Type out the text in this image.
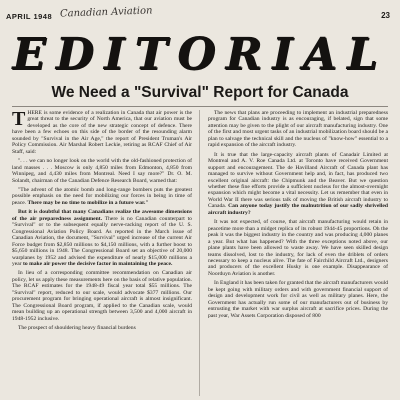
APRIL 1948 Canadian Aviation	23
EDITORIAL
We Need a "Survival" Report for Canada

THERE is some evidence of a realization in Canada that air power is the great threat to the security of North America, that our aviation must be developed as the core of the new strategic concept of defence. There have been a few echoes on this side of the border of the resounding alarm sounded by "Survival in the Air Age," the report of President Truman's Air Policy Commission. Air Marshal Robert Leckie, retiring as RCAF Chief of Air Staff, said:

". . . we can no longer look on the world with the old-fashioned protection of land masses . . . Moscow is only 4,850 miles from Edmonton, 4,850 from Winnipeg, and 4,430 miles from Montreal. Need I say more?" Dr. O. M. Solandt, chairman of the Canadian Defence Research Board, warned that:

"The advent of the atomic bomb and long-range bombers puts the greatest possible emphasis on the need for mobilizing our forces in being in time of peace. There may be no time to mobilize in a future war."

But it is doubtful that many Canadians realize the awesome dimensions of the air preparedness assignment. There is no Canadian counterpart to "Survival" or to the subsequent equally nerve-racking report of the U. S. Congressional Aviation Policy Board. As reported in the March issue of Canadian Aviation, the document, "Survival" urged increase of the current Air Force budget from $2,850 millions to $4,150 millions, with a further boost to $5,650 millions in 1948. The Congressional Board set an objective of 20,000 warplanes by 1952 and advised the expenditure of nearly $15,000 millions a year to make air power the decisive factor in maintaining the peace.

In lieu of a corresponding committee recommendation on Canadian air policy, let us apply these measurements here on the basis of relative population. The RCAF estimates for the 1948-49 fiscal year total $55 millions. The "Survival" report, reduced to our scale, would advocate $377 millions. Our procurement program for bringing operational aircraft is almost insignificant. The Congressional Board program, if applied to the Canadian scale, would mean building up an operational strength between 3,500 and 4,000 aircraft in 1948-1952 inclusive.

The prospect of shouldering heavy financial burdens

The news that plans are proceeding to implement an industrial preparedness program for Canadian industry is as encouraging, if belated, sign that some attention may be given to the plight of our aircraft manufacturing industry. One of the first and most urgent tasks of an industrial mobilization board should be a plan to salvage the technical skill and the nucleus of "know-how" essential to a rapid expansion of the aircraft industry.

It is true that the large-capacity aircraft plants of Canadair Limited at Montreal and A. V. Roe Canada Ltd. at Toronto have received Government support and encouragement. The de Havilland Aircraft of Canada plant has managed to survive without Government help and, in fact, has produced two excellent original aircraft: the Chipmunk and the Beaver. But we question whether these fine efforts provide a sufficient nucleus for the almost-overnight expansion which might become a vital necessity. Let us remember that even in World War II there was serious talk of moving the British aircraft industry to Canada. Can anyone today justify the malnutrition of our sadly shrivelled aircraft industry?

It was not expected, of course, that aircraft manufacturing would retain in peacetime more than a midget replica of its robust 1944-45 proportions. Oh the peak it was the biggest industry in the country and was producing 4,000 planes a year. But what has happened? With the three exceptions noted above, our plane plants have been allowed to waste away. We have seen skilled design teams dissolved, lost to the industry, for lack of even the driblets of orders necessary to keep a nucleus alive. The fate of Fairchild Aircraft Ltd., designers and producers of the excellent Husky is one example. Disappearance of Noorduyn Aviation is another.

In England it has been taken for granted that the aircraft manufacturers would be kept going with military orders and with government financial support of design and development work for civil as well as military planes. Here, the Government has actually run some of our manufacturers out of business by entrusting the market with war surplus aircraft at sacrifice prices. During the past year, War Assets Corporation disposed of 800
